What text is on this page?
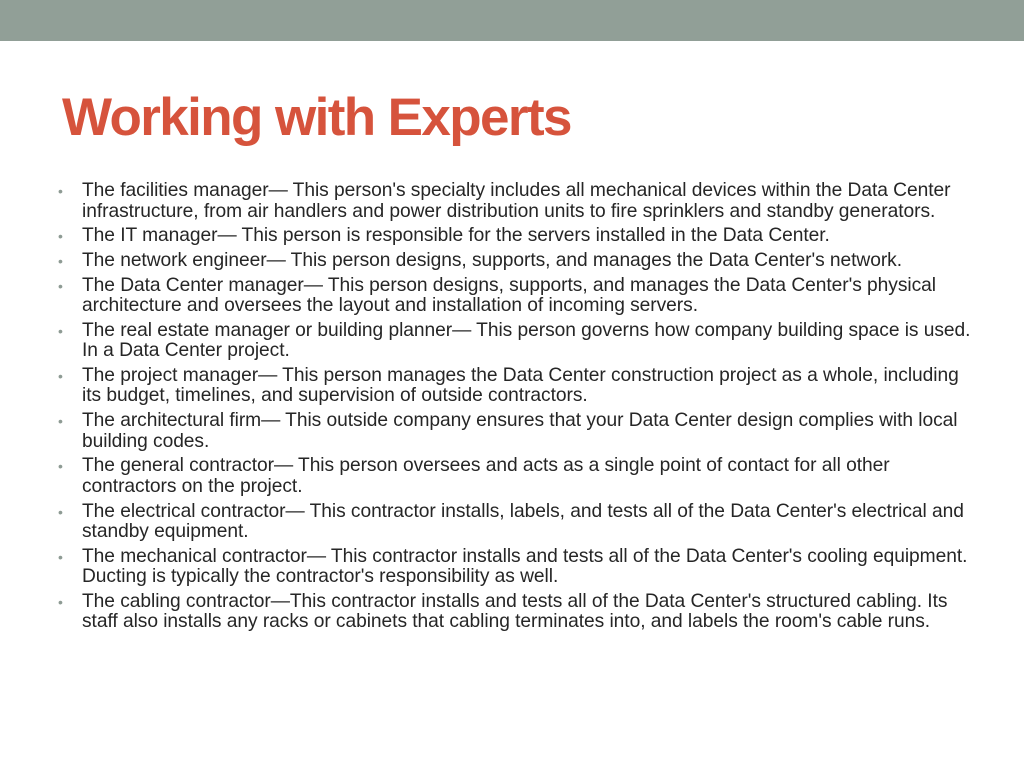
Working with Experts
• The facilities manager— This person's specialty includes all mechanical devices within the Data Center infrastructure, from air handlers and power distribution units to fire sprinklers and standby generators.
• The IT manager— This person is responsible for the servers installed in the Data Center.
• The network engineer— This person designs, supports, and manages the Data Center's network.
• The Data Center manager— This person designs, supports, and manages the Data Center's physical architecture and oversees the layout and installation of incoming servers.
• The real estate manager or building planner— This person governs how company building space is used. In a Data Center project.
• The project manager— This person manages the Data Center construction project as a whole, including its budget, timelines, and supervision of outside contractors.
• The architectural firm— This outside company ensures that your Data Center design complies with local building codes.
• The general contractor— This person oversees and acts as a single point of contact for all other contractors on the project.
• The electrical contractor— This contractor installs, labels, and tests all of the Data Center's electrical and standby equipment.
• The mechanical contractor— This contractor installs and tests all of the Data Center's cooling equipment. Ducting is typically the contractor's responsibility as well.
• The cabling contractor—This contractor installs and tests all of the Data Center's structured cabling. Its staff also installs any racks or cabinets that cabling terminates into, and labels the room's cable runs.
